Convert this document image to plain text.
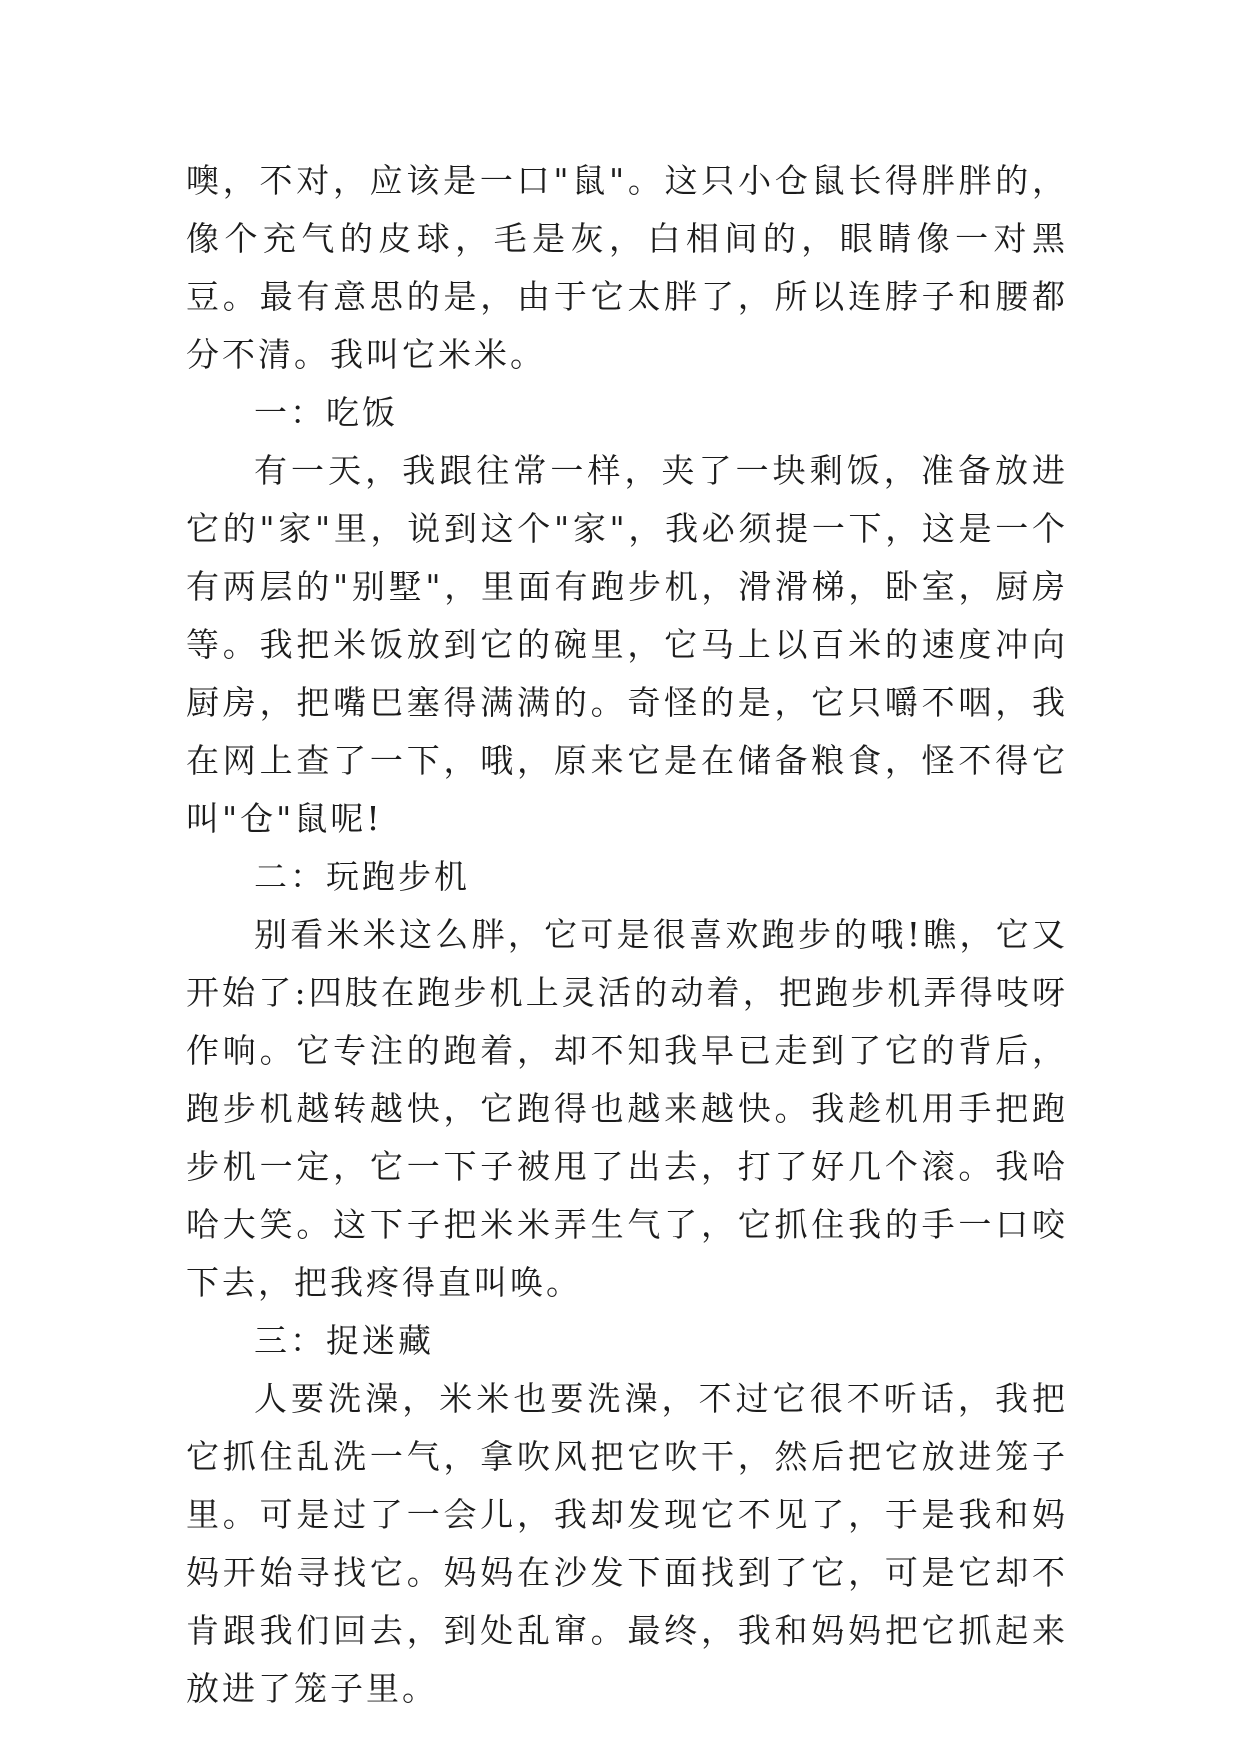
噢，不对，应该是一口"鼠"。这只小仓鼠长得胖胖的，像个充气的皮球，毛是灰，白相间的，眼睛像一对黑豆。最有意思的是，由于它太胖了，所以连脖子和腰都分不清。我叫它米米。

一：吃饭

有一天，我跟往常一样，夹了一块剩饭，准备放进它的"家"里，说到这个"家"，我必须提一下，这是一个有两层的"别墅"，里面有跑步机，滑滑梯，卧室，厨房等。我把米饭放到它的碗里，它马上以百米的速度冲向厨房，把嘴巴塞得满满的。奇怪的是，它只嚼不咽，我在网上查了一下，哦，原来它是在储备粮食，怪不得它叫"仓"鼠呢!

二：玩跑步机

别看米米这么胖，它可是很喜欢跑步的哦!瞧，它又开始了:四肢在跑步机上灵活的动着，把跑步机弄得吱呀作响。它专注的跑着，却不知我早已走到了它的背后，跑步机越转越快，它跑得也越来越快。我趁机用手把跑步机一定，它一下子被甩了出去，打了好几个滚。我哈哈大笑。这下子把米米弄生气了，它抓住我的手一口咬下去，把我疼得直叫唤。

三：捉迷藏

人要洗澡，米米也要洗澡，不过它很不听话，我把它抓住乱洗一气，拿吹风把它吹干，然后把它放进笼子里。可是过了一会儿，我却发现它不见了，于是我和妈妈开始寻找它。妈妈在沙发下面找到了它，可是它却不肯跟我们回去，到处乱窜。最终，我和妈妈把它抓起来放进了笼子里。
